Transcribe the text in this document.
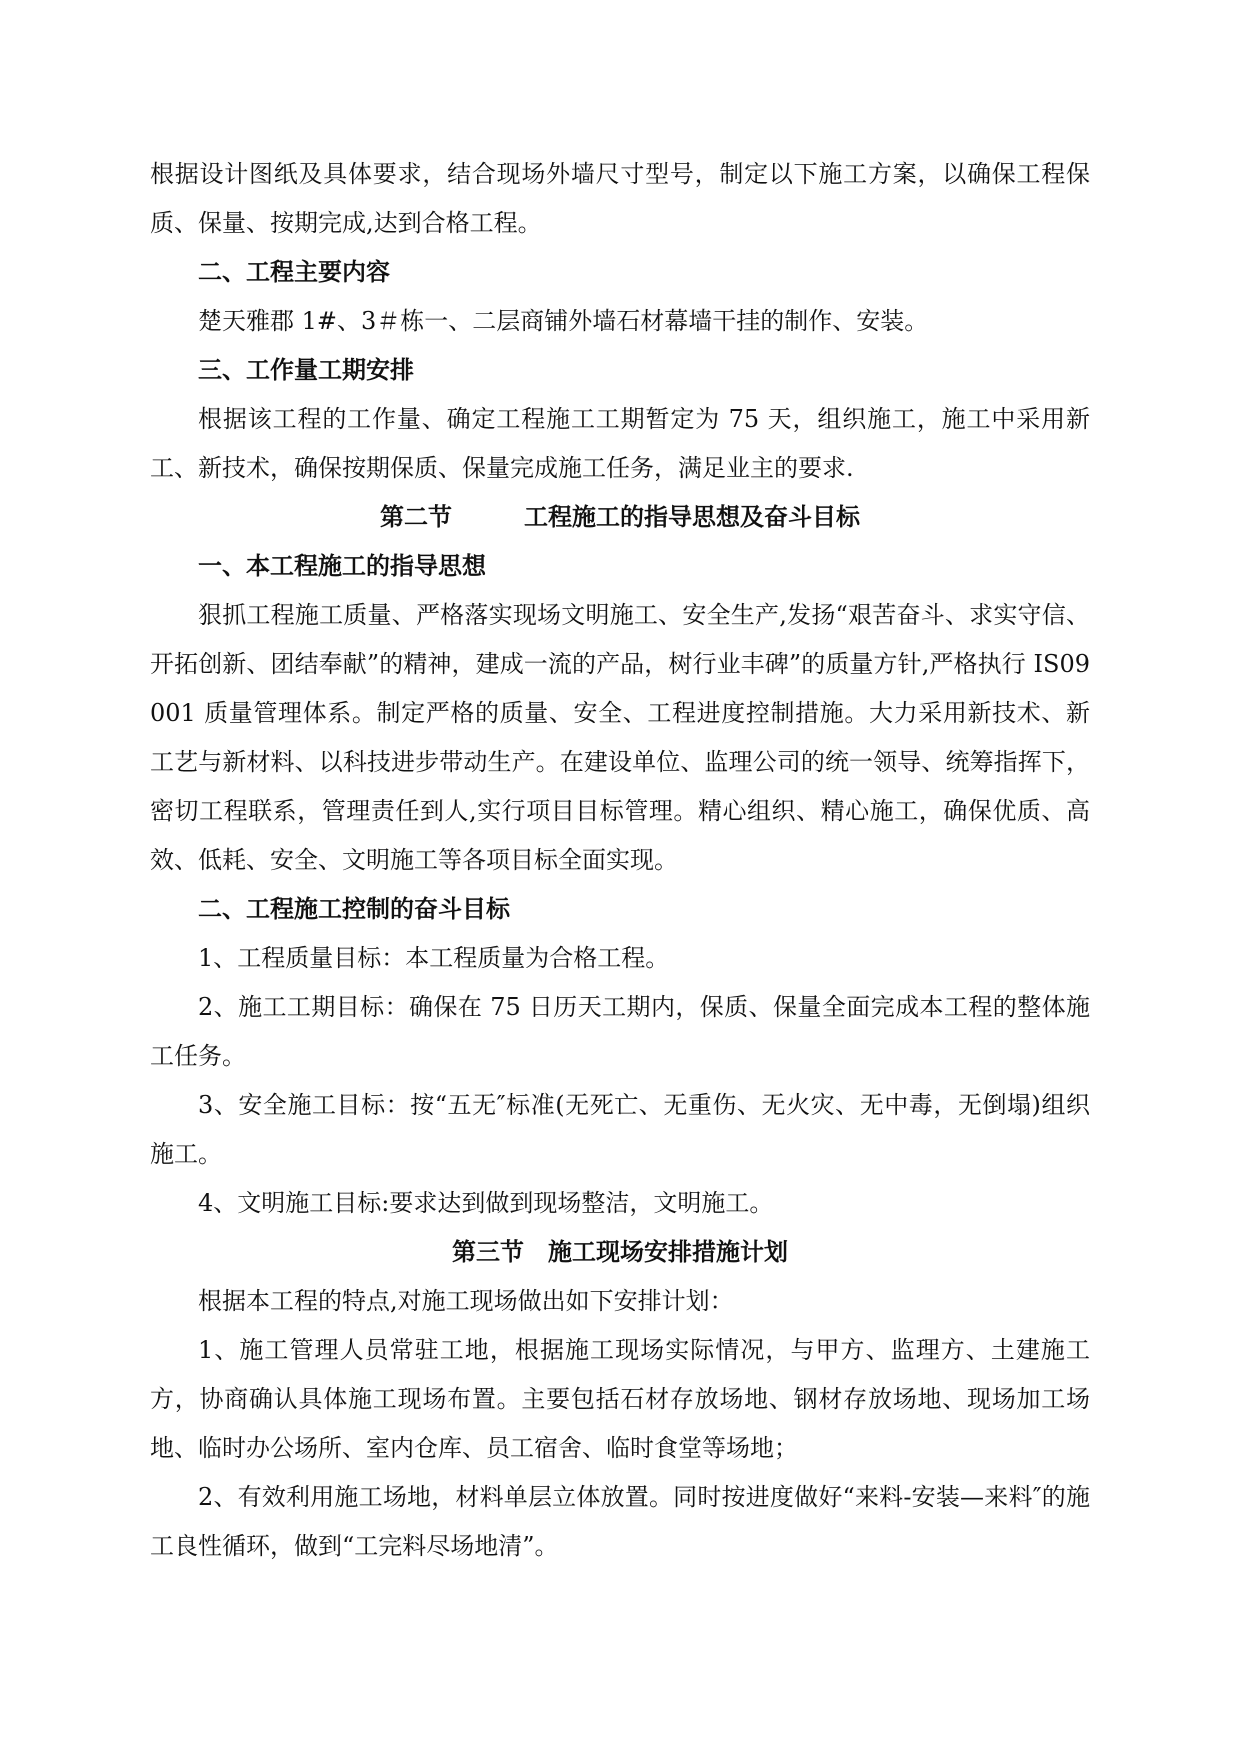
根据设计图纸及具体要求，结合现场外墙尺寸型号，制定以下施工方案，以确保工程保质、保量、按期完成,达到合格工程。

二、工程主要内容

楚天雅郡 1#、3＃栋一、二层商铺外墙石材幕墙干挂的制作、安装。

三、工作量工期安排

根据该工程的工作量、确定工程施工工期暂定为 75 天，组织施工，施工中采用新工、新技术，确保按期保质、保量完成施工任务，满足业主的要求.

第二节	工程施工的指导思想及奋斗目标

一、本工程施工的指导思想

狠抓工程施工质量、严格落实现场文明施工、安全生产,发扬“艰苦奋斗、求实守信、开拓创新、团结奉献”的精神，建成一流的产品，树行业丰碑”的质量方针,严格执行 IS09001 质量管理体系。制定严格的质量、安全、工程进度控制措施。大力采用新技术、新工艺与新材料、以科技进步带动生产。在建设单位、监理公司的统一领导、统筹指挥下，密切工程联系，管理责任到人,实行项目目标管理。精心组织、精心施工，确保优质、高效、低耗、安全、文明施工等各项目标全面实现。

二、工程施工控制的奋斗目标

1、工程质量目标：本工程质量为合格工程。

2、施工工期目标：确保在 75 日历天工期内，保质、保量全面完成本工程的整体施工任务。

3、安全施工目标：按“五无″标准(无死亡、无重伤、无火灾、无中毒，无倒塌)组织施工。

4、文明施工目标:要求达到做到现场整洁，文明施工。

第三节 施工现场安排措施计划

根据本工程的特点,对施工现场做出如下安排计划：

1、施工管理人员常驻工地，根据施工现场实际情况，与甲方、监理方、土建施工方，协商确认具体施工现场布置。主要包括石材存放场地、钢材存放场地、现场加工场地、临时办公场所、室内仓库、员工宿舍、临时食堂等场地；

2、有效利用施工场地，材料单层立体放置。同时按进度做好“来料-安装—来料″的施工良性循环，做到“工完料尽场地清”。
